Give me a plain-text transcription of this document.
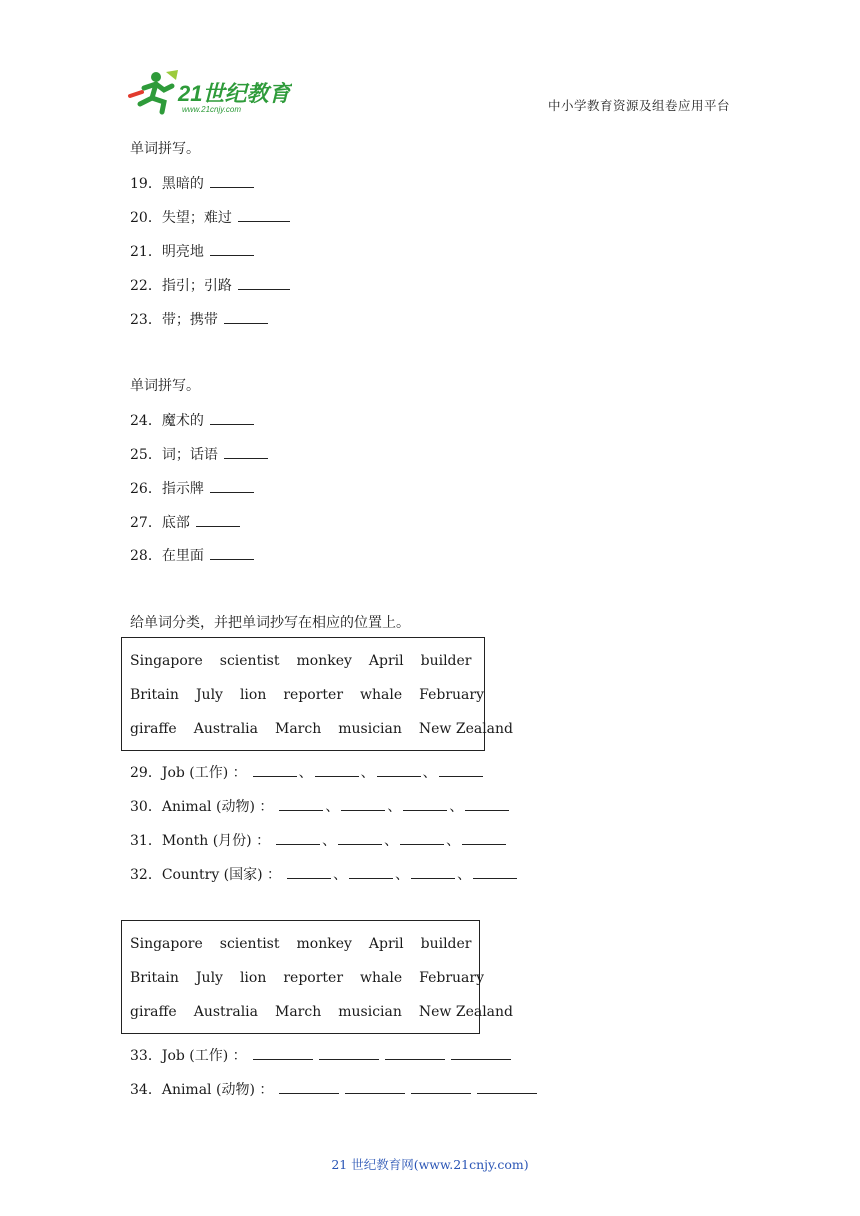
21世纪教育
www.21cnjy.com	中小学教育资源及组卷应用平台
单词拼写。
19．黑暗的
20．失望；难过
21．明亮地
22．指引；引路
23．带；携带
单词拼写。
24．魔术的
25．词；话语
26．指示牌
27．底部
28．在里面
给单词分类，并把单词抄写在相应的位置上。
Singapore scientist monkey April builder
Britain July lion reporter whale February
giraffe Australia March musician New Zealand
29．Job (工作) ：	、	、	、
30．Animal (动物) ：	、	、	、
31．Month (月份) ：	、	、	、
32．Country (国家) ：	、	、	、
Singapore scientist monkey April builder
Britain July lion reporter whale February
giraffe Australia March musician New Zealand
33．Job (工作) ：
34．Animal (动物) ：
21 世纪教育网(www.21cnjy.com)
